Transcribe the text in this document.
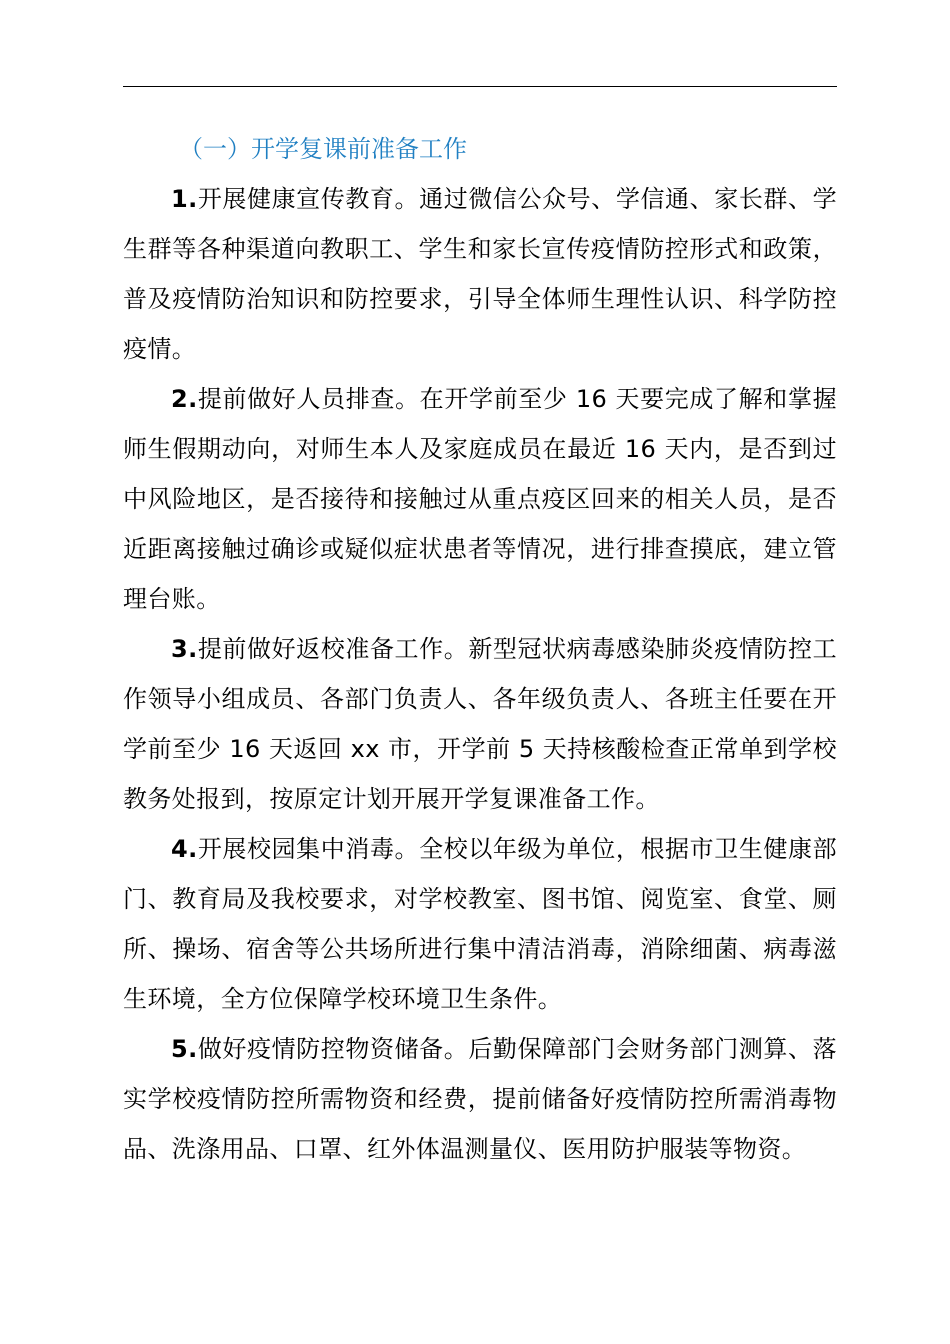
（一）开学复课前准备工作

1.开展健康宣传教育。通过微信公众号、学信通、家长群、学生群等各种渠道向教职工、学生和家长宣传疫情防控形式和政策，普及疫情防治知识和防控要求，引导全体师生理性认识、科学防控疫情。

2.提前做好人员排查。在开学前至少 16 天要完成了解和掌握师生假期动向，对师生本人及家庭成员在最近 16 天内，是否到过中风险地区，是否接待和接触过从重点疫区回来的相关人员，是否近距离接触过确诊或疑似症状患者等情况，进行排查摸底，建立管理台账。

3.提前做好返校准备工作。新型冠状病毒感染肺炎疫情防控工作领导小组成员、各部门负责人、各年级负责人、各班主任要在开学前至少 16 天返回 xx 市，开学前 5 天持核酸检查正常单到学校教务处报到，按原定计划开展开学复课准备工作。

4.开展校园集中消毒。全校以年级为单位，根据市卫生健康部门、教育局及我校要求，对学校教室、图书馆、阅览室、食堂、厕所、操场、宿舍等公共场所进行集中清洁消毒，消除细菌、病毒滋生环境，全方位保障学校环境卫生条件。

5.做好疫情防控物资储备。后勤保障部门会财务部门测算、落实学校疫情防控所需物资和经费，提前储备好疫情防控所需消毒物品、洗涤用品、口罩、红外体温测量仪、医用防护服装等物资。
